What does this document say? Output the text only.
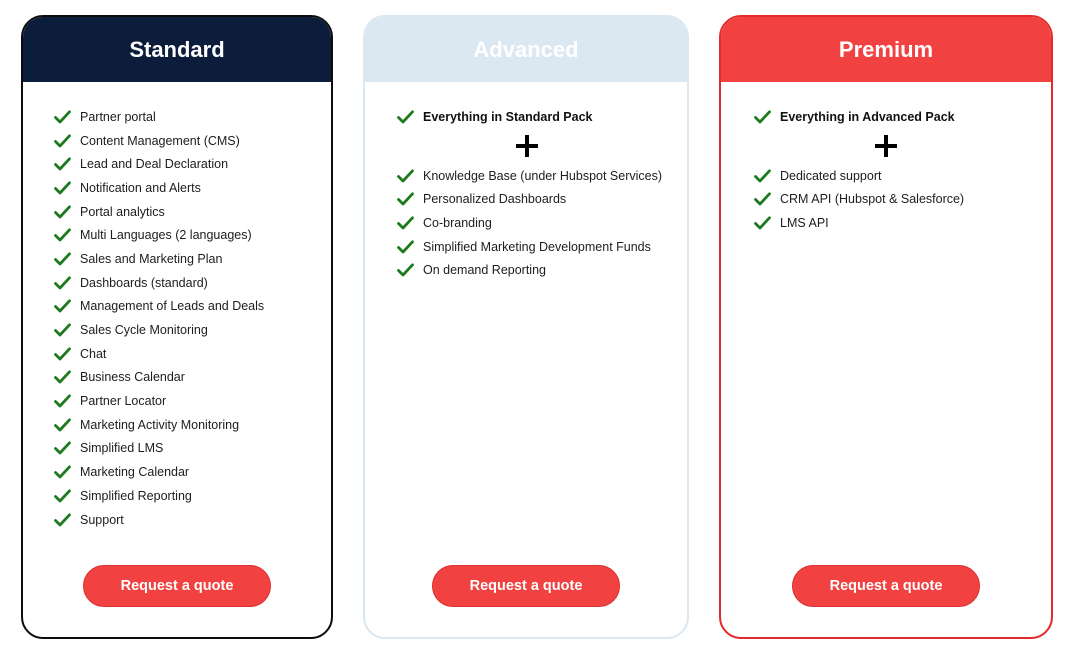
Standard
Partner portal
Content Management (CMS)
Lead and Deal Declaration
Notification and Alerts
Portal analytics
Multi Languages (2 languages)
Sales and Marketing Plan
Dashboards (standard)
Management of Leads and Deals
Sales Cycle Monitoring
Chat
Business Calendar
Partner Locator
Marketing Activity Monitoring
Simplified LMS
Marketing Calendar
Simplified Reporting
Support
Request a quote
Advanced
Everything in Standard Pack
Knowledge Base (under Hubspot Services)
Personalized Dashboards
Co-branding
Simplified Marketing Development Funds
On demand Reporting
Request a quote
Premium
Everything in Advanced Pack
Dedicated support
CRM API (Hubspot & Salesforce)
LMS API
Request a quote
